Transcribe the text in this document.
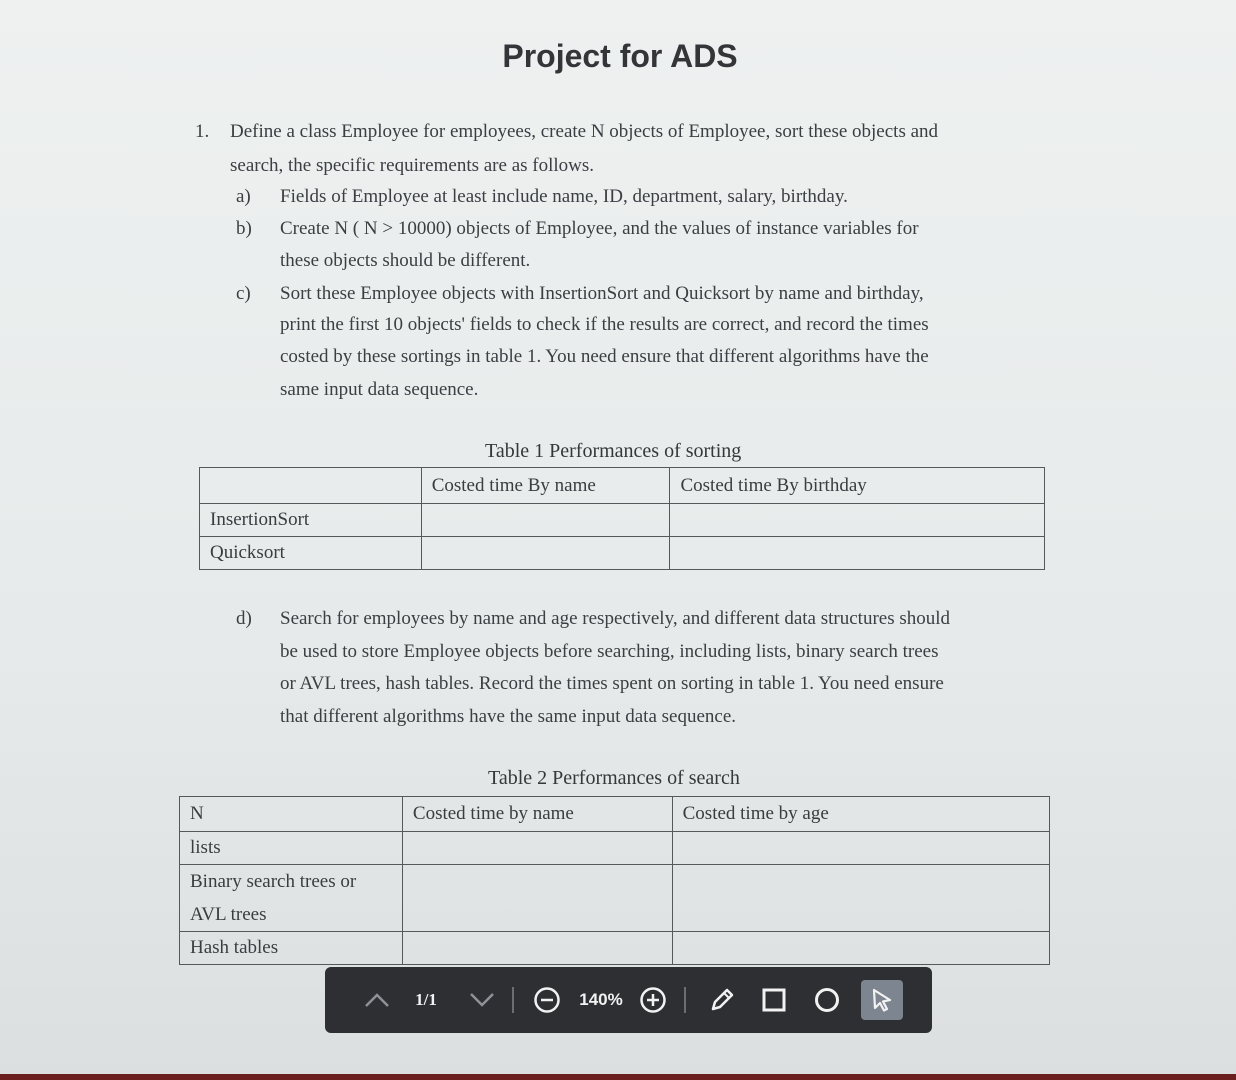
Project for ADS
1. Define a class Employee for employees, create N objects of Employee, sort these objects and
search, the specific requirements are as follows.
a) Fields of Employee at least include name, ID, department, salary, birthday.
b) Create N ( N > 10000) objects of Employee, and the values of instance variables for
these objects should be different.
c) Sort these Employee objects with InsertionSort and Quicksort by name and birthday,
print the first 10 objects' fields to check if the results are correct, and record the times
costed by these sortings in table 1. You need ensure that different algorithms have the
same input data sequence.
Table 1 Performances of sorting
	Costed time By name	Costed time By birthday
InsertionSort		
Quicksort		
d) Search for employees by name and age respectively, and different data structures should
be used to store Employee objects before searching, including lists, binary search trees
or AVL trees, hash tables. Record the times spent on sorting in table 1. You need ensure
that different algorithms have the same input data sequence.
Table 2 Performances of search
N	Costed time by name	Costed time by age
lists		

Binary search trees or
AVL trees		

Hash tables		
1/1	140%
